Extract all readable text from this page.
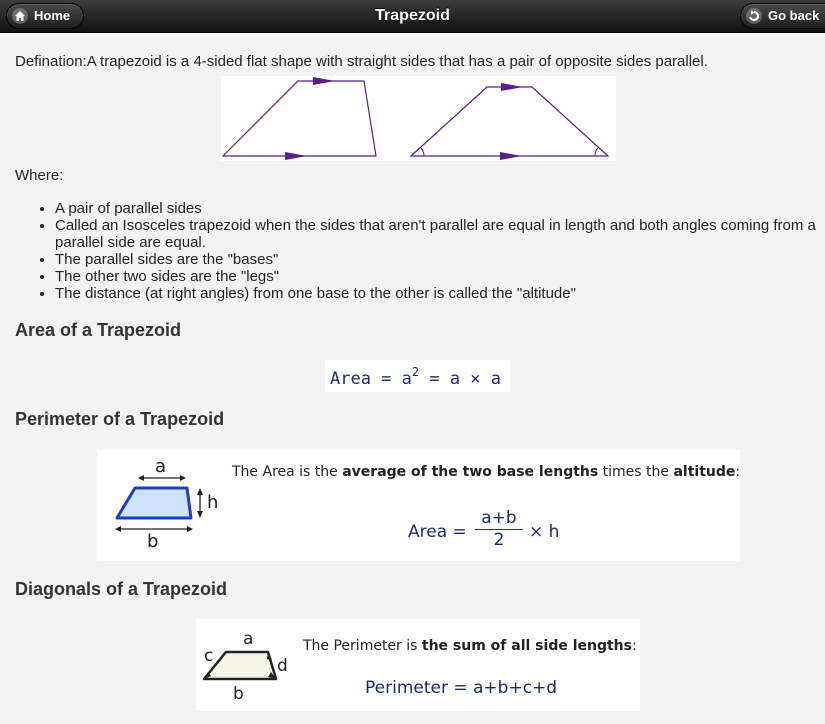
Home	Trapezoid	Go back
Defination:A trapezoid is a 4-sided flat shape with straight sides that has a pair of opposite sides parallel.
Where:
• A pair of parallel sides
• Called an Isosceles trapezoid when the sides that aren't parallel are equal in length and both angles coming from a parallel side are equal.
• The parallel sides are the "bases"
• The other two sides are the "legs"
• The distance (at right angles) from one base to the other is called the "altitude"
Area of a Trapezoid
Area = $a^2 = a \times a$
Perimeter of a Trapezoid
a
h
b
The Area is the average of the two base lengths times the altitude:
Area = $\frac{a+b}{2} \times h$
Diagonals of a Trapezoid
a
c	d
b
The Perimeter is the sum of all side lengths:
Perimeter = a+b+c+d
